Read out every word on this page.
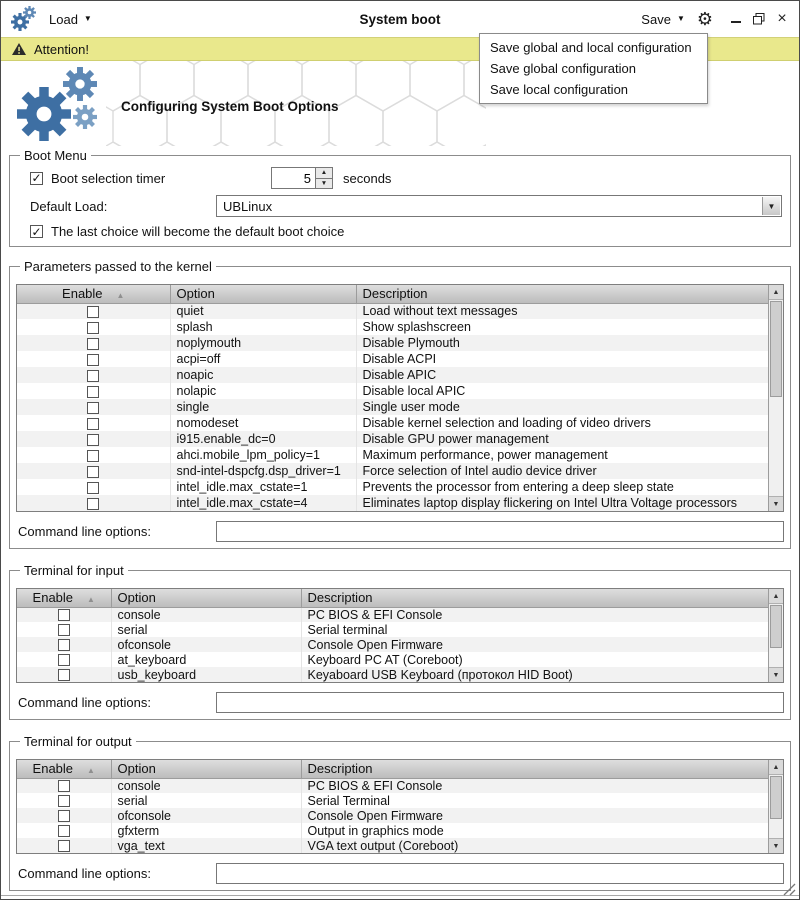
Load ▼	System boot	Save ▼ ⚙	×
Attention!
Configuring System Boot Options
Save global and local configuration
Save global configuration
Save local configuration
Boot Menu
✓
Boot selection timer
5	▲
▼	seconds
Default Load:	UBLinux	▼
✓
The last choice will become the default boot choice
Parameters passed to the kernel
Enable ▲	Option	Description
	quiet	Load without text messages
	splash	Show splashscreen
	noplymouth	Disable Plymouth
	acpi=off	Disable ACPI
	noapic	Disable APIC
	nolapic	Disable local APIC
	single	Single user mode
	nomodeset	Disable kernel selection and loading of video drivers
	i915.enable_dc=0	Disable GPU power management
	ahci.mobile_lpm_policy=1	Maximum performance, power management
	snd-intel-dspcfg.dsp_driver=1	Force selection of Intel audio device driver
	intel_idle.max_cstate=1	Prevents the processor from entering a deep sleep state
	intel_idle.max_cstate=4	Eliminates laptop display flickering on Intel Ultra Voltage processors
▲
▼
Command line options:
Terminal for input
Enable ▲	Option	Description
	console	PC BIOS & EFI Console
	serial	Serial terminal
	ofconsole	Console Open Firmware
	at_keyboard	Keyboard PC AT (Coreboot)
	usb_keyboard	Keyaboard USB Keyboard (протокол HID Boot)
▲
▼
Command line options:
Terminal for output
Enable ▲	Option	Description
	console	PC BIOS & EFI Console
	serial	Serial Terminal
	ofconsole	Console Open Firmware
	gfxterm	Output in graphics mode
	vga_text	VGA text output (Coreboot)
▲
▼
Command line options:
